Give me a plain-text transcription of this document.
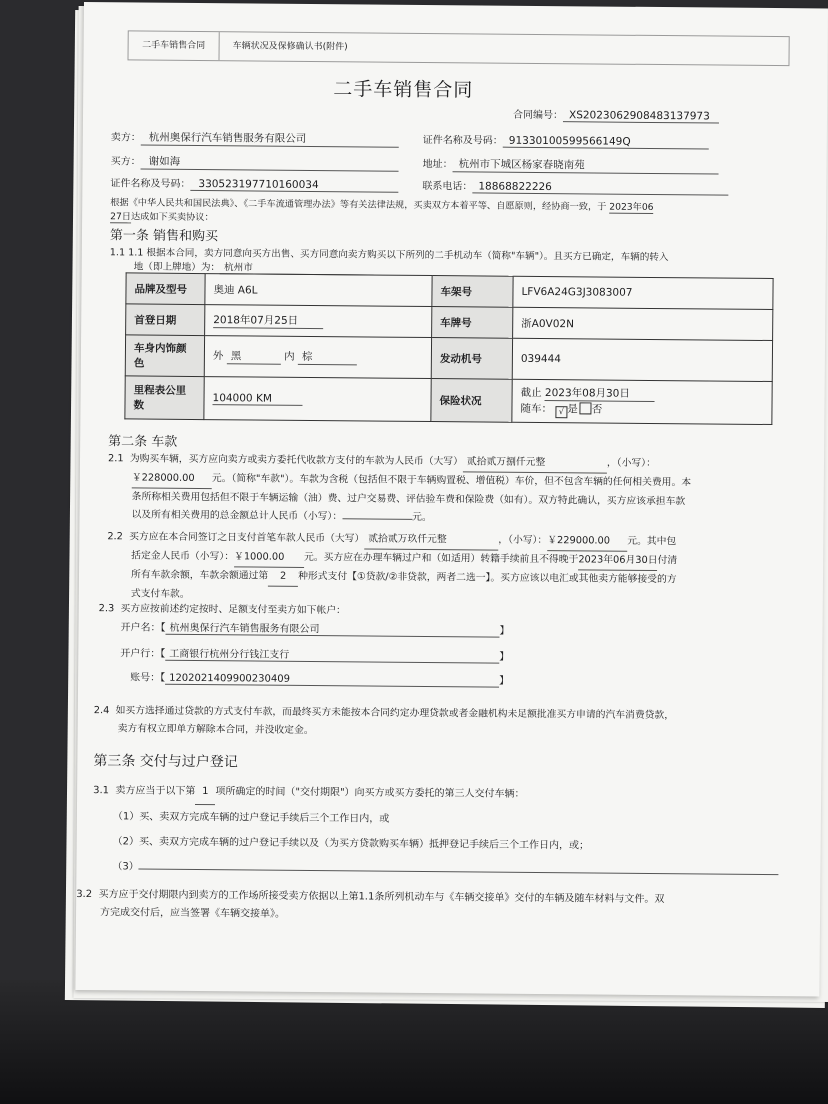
二手车销售合同	车辆状况及保修确认书(附件)
二手车销售合同
合同编号： XS2023062908483137973
卖方： 杭州奥保行汽车销售服务有限公司	证件名称及号码： 91330100599566149Q
买方： 谢如海	地址： 杭州市下城区杨家春晓南苑
证件名称及号码： 330523197710160034	联系电话： 18868822226
根据《中华人民共和国民法典》、《二手车流通管理办法》等有关法律法规，买卖双方本着平等、自愿原则，经协商一致，于 2023年06
27日达成如下买卖协议：
第一条 销售和购买
1.1 1.1 根据本合同，卖方同意向买方出售、买方同意向卖方购买以下所列的二手机动车（简称"车辆"）。且买方已确定，车辆的转入
地（即上牌地）为： 杭州市
品牌及型号	奥迪 A6L	车架号	LFV6A24G3J3083007
首登日期	2018年07月25日	车牌号	浙A0V02N
车身内饰颜色	外 黑 内 棕	发动机号	039444
里程表公里数	104000 KM	保险状况	截止 2023年08月30日
随车： √ 是 否
第二条 车款
2.1 为购买车辆，买方应向卖方或卖方委托代收款方支付的车款为人民币（大写） 贰拾贰万捌仟元整	，（小写）：
￥228000.00 元。（简称"车款"）。车款为含税（包括但不限于车辆购置税、增值税）车价，但不包含车辆的任何相关费用。本
条所称相关费用包括但不限于车辆运输（油）费、过户交易费、评估验车费和保险费（如有）。双方特此确认，买方应该承担车款
以及所有相关费用的总金额总计人民币（小写）：	元。
2.2 买方应在本合同签订之日支付首笔车款人民币（大写） 贰拾贰万玖仟元整	，（小写）：￥229000.00 元。其中包
括定金人民币（小写）：￥1000.00 元。买方应在办理车辆过户和（如适用）转籍手续前且不得晚于2023年06月30日付清
所有车款余额，车款余额通过第 2 种形式支付【①贷款/②非贷款，两者二选一】。买方应该以电汇或其他卖方能够接受的方
式支付车款。
2.3 买方应按前述约定按时、足额支付至卖方如下帐户：
开户名：【 杭州奥保行汽车销售服务有限公司	】
开户行：【 工商银行杭州分行钱江支行	】
账号：【 1202021409900230409	】
2.4 如买方选择通过贷款的方式支付车款，而最终买方未能按本合同约定办理贷款或者金融机构未足额批准买方申请的汽车消费贷款，
卖方有权立即单方解除本合同，并没收定金。
第三条 交付与过户登记
3.1 卖方应当于以下第 1 项所确定的时间（"交付期限"）向买方或买方委托的第三人交付车辆：
（1）买、卖双方完成车辆的过户登记手续后三个工作日内，或
（2）买、卖双方完成车辆的过户登记手续以及（为买方贷款购买车辆）抵押登记手续后三个工作日内，或；
（3）
3.2 买方应于交付期限内到卖方的工作场所接受卖方依据以上第1.1条所列机动车与《车辆交接单》交付的车辆及随车材料与文件。双
方完成交付后，应当签署《车辆交接单》。
